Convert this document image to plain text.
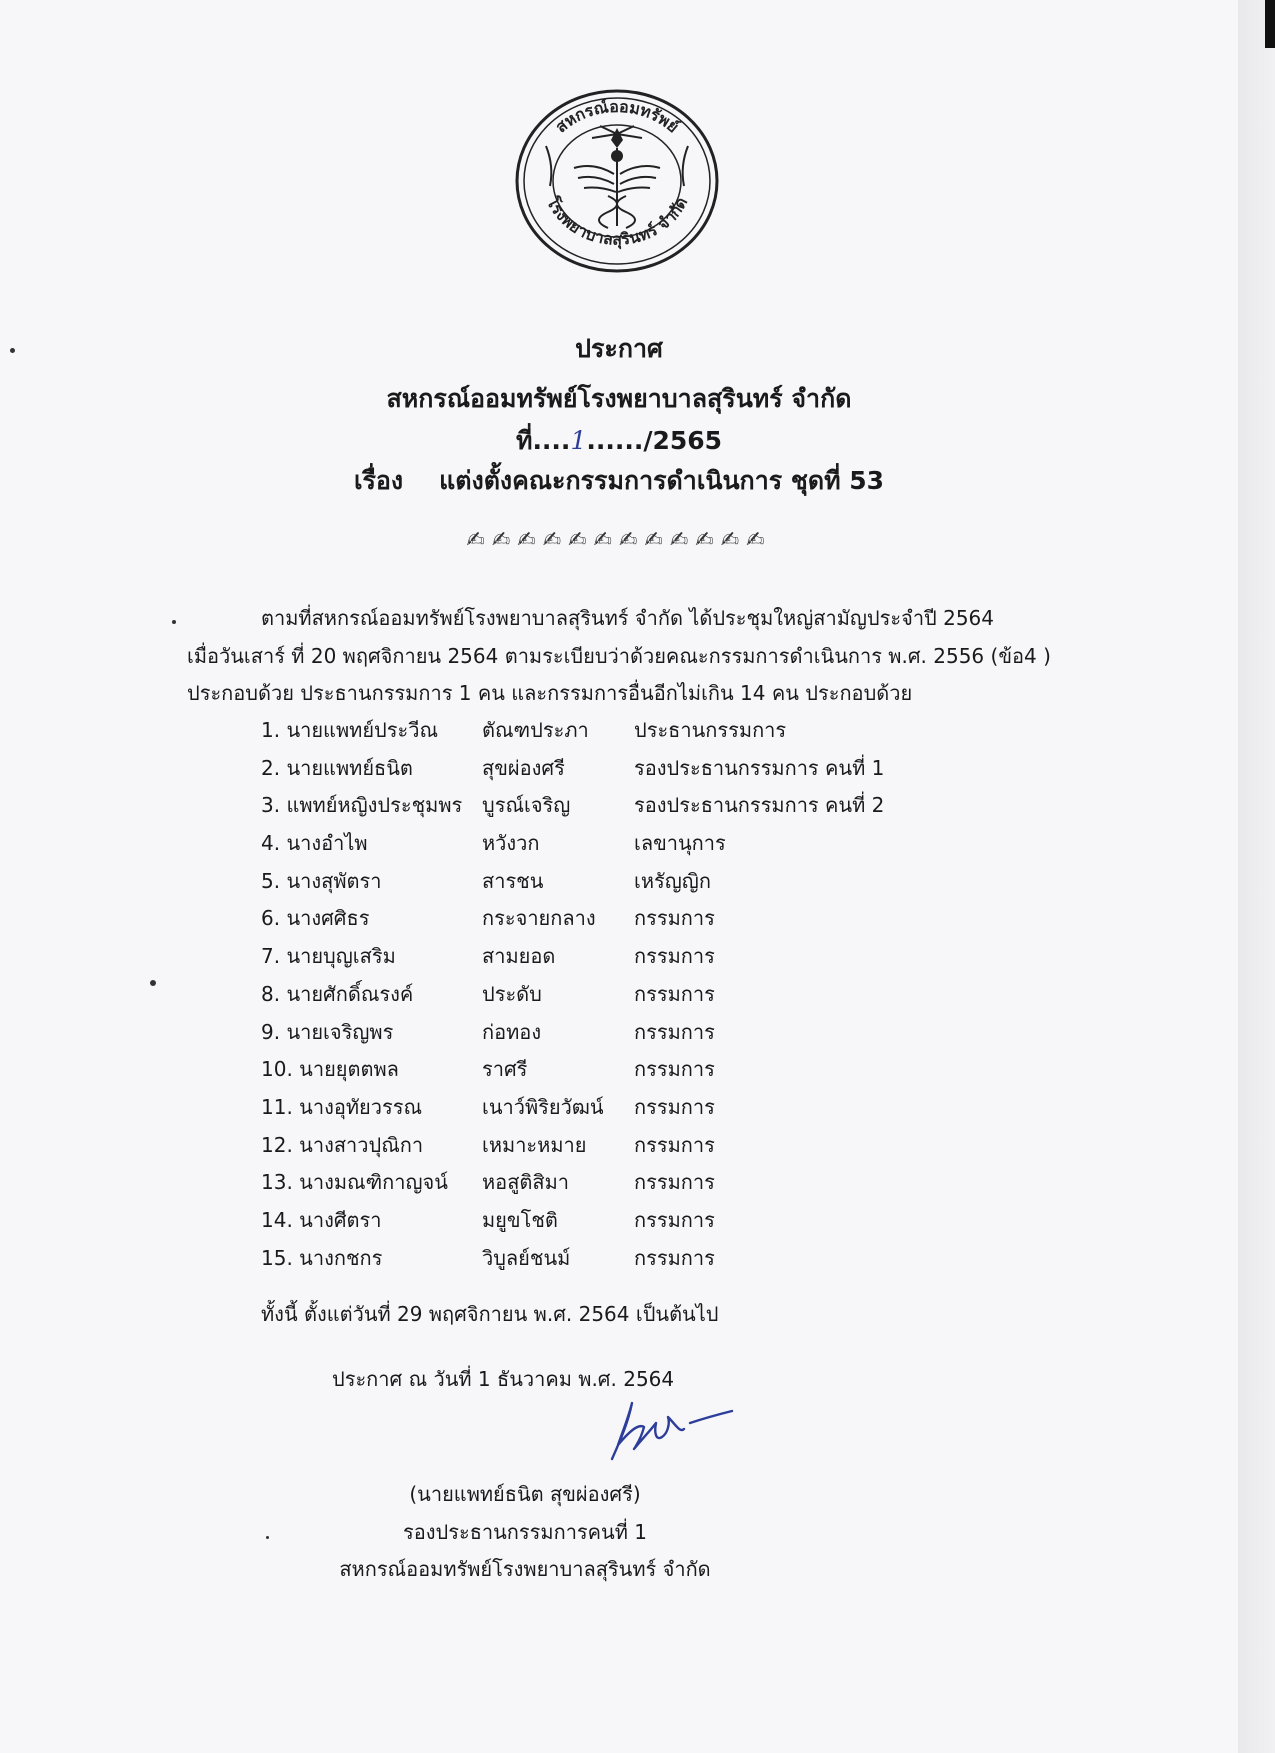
สหกรณ์ออมทรัพย์
โรงพยาบาลสุรินทร์ จำกัด
ประกาศ
สหกรณ์ออมทรัพย์โรงพยาบาลสุรินทร์ จำกัด
ที่....1....../2565
เรื่อง แต่งตั้งคณะกรรมการดำเนินการ ชุดที่ 53
✍✍✍✍✍✍✍✍✍✍✍✍
ตามที่สหกรณ์ออมทรัพย์โรงพยาบาลสุรินทร์ จำกัด ได้ประชุมใหญ่สามัญประจำปี 2564
เมื่อวันเสาร์ ที่ 20 พฤศจิกายน 2564 ตามระเบียบว่าด้วยคณะกรรมการดำเนินการ พ.ศ. 2556 (ข้อ4 )
ประกอบด้วย ประธานกรรมการ 1 คน และกรรมการอื่นอีกไม่เกิน 14 คน ประกอบด้วย
1. นายแพทย์ประวีณ ตัณฑประภา ประธานกรรมการ
2. นายแพทย์ธนิต	สุขผ่องศรี	รองประธานกรรมการ คนที่ 1
3. แพทย์หญิงประชุมพร บูรณ์เจริญ	รองประธานกรรมการ คนที่ 2
4. นางอำไพ	หวังวก	เลขานุการ
5. นางสุพัตรา	สารชน	เหรัญญิก
6. นางศศิธร	กระจายกลาง กรรมการ
7. นายบุญเสริม	สามยอด	กรรมการ
8. นายศักดิ์ณรงค์	ประดับ	กรรมการ
9. นายเจริญพร	ก่อทอง	กรรมการ
10. นายยุตตพล	ราศรี	กรรมการ
11. นางอุทัยวรรณ	เนาว์พิริยวัฒน์ กรรมการ
12. นางสาวปุณิกา	เหมาะหมาย กรรมการ
13. นางมณฑิกาญจน์ หอสูติสิมา	กรรมการ
14. นางศีตรา	มยูขโชติ	กรรมการ
15. นางกชกร	วิบูลย์ชนม์	กรรมการ
ทั้งนี้ ตั้งแต่วันที่ 29 พฤศจิกายน พ.ศ. 2564 เป็นต้นไป
ประกาศ ณ วันที่ 1 ธันวาคม พ.ศ. 2564
(นายแพทย์ธนิต สุขผ่องศรี)
รองประธานกรรมการคนที่ 1
สหกรณ์ออมทรัพย์โรงพยาบาลสุรินทร์ จำกัด
